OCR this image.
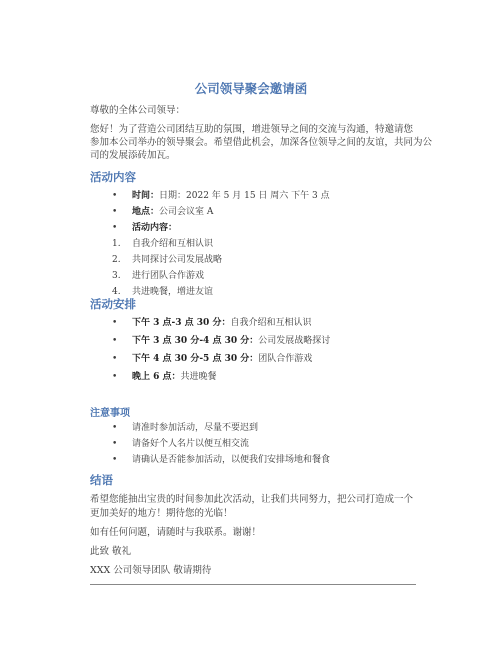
公司领导聚会邀请函
尊敬的全体公司领导：
您好！为了营造公司团结互助的氛围，增进领导之间的交流与沟通，特邀请您
参加本公司举办的领导聚会。希望借此机会，加深各位领导之间的友谊，共同为公
司的发展添砖加瓦。
活动内容
•	时间：日期：2022 年 5 月 15 日 周六 下午 3 点
•	地点：公司会议室 A
•	活动内容：
1.	自我介绍和互相认识
2.	共同探讨公司发展战略
3.	进行团队合作游戏
4.	共进晚餐，增进友谊
活动安排
•	下午 3 点-3 点 30 分：自我介绍和互相认识
•	下午 3 点 30 分-4 点 30 分：公司发展战略探讨
•	下午 4 点 30 分-5 点 30 分：团队合作游戏
•	晚上 6 点：共进晚餐
注意事项
•	请准时参加活动，尽量不要迟到
•	请备好个人名片以便互相交流
•	请确认是否能参加活动，以便我们安排场地和餐食
结语
希望您能抽出宝贵的时间参加此次活动，让我们共同努力，把公司打造成一个
更加美好的地方！期待您的光临！
如有任何问题，请随时与我联系。谢谢！
此致 敬礼
XXX 公司领导团队 敬请期待
